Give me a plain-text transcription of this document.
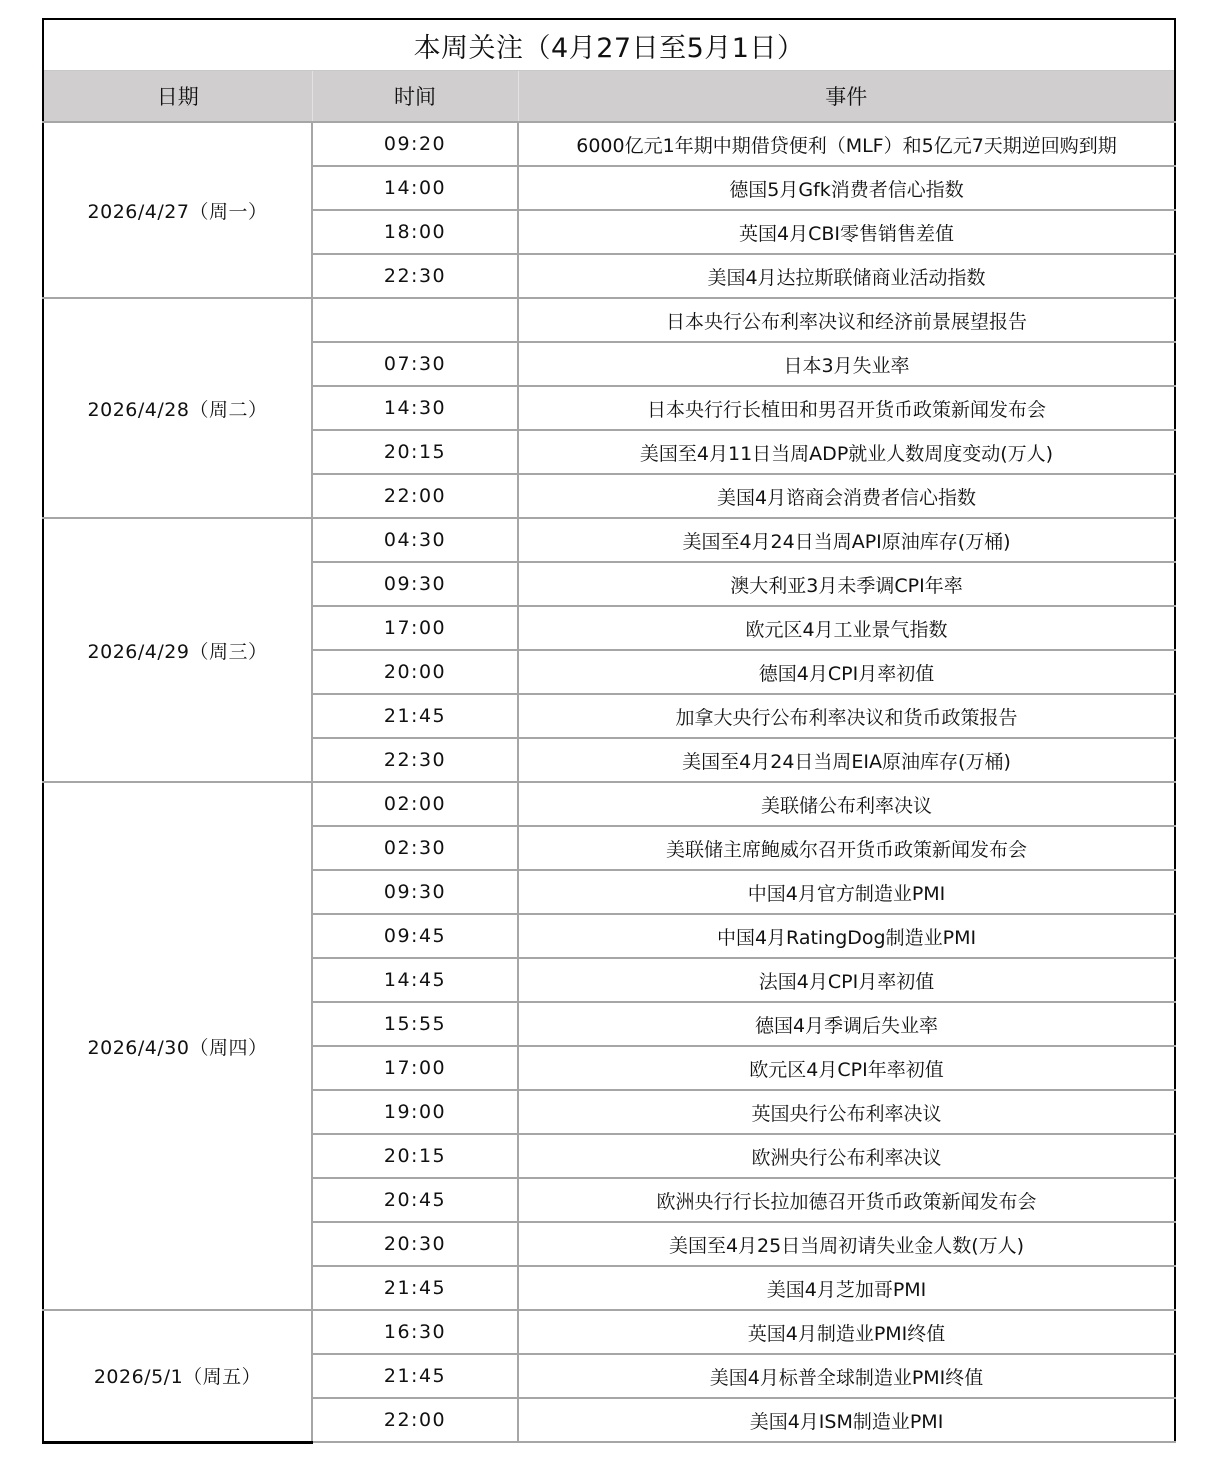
本周关注（4月27日至5月1日）		
日期	时间	事件
2026/4/27（周一）	09:20	6000亿元1年期中期借贷便利（MLF）和5亿元7天期逆回购到期
	14:00	德国5月Gfk消费者信心指数
	18:00	英国4月CBI零售销售差值
	22:30	美国4月达拉斯联储商业活动指数
2026/4/28（周二）		日本央行公布利率决议和经济前景展望报告
	07:30	日本3月失业率
	14:30	日本央行行长植田和男召开货币政策新闻发布会
	20:15	美国至4月11日当周ADP就业人数周度变动(万人)
	22:00	美国4月谘商会消费者信心指数
2026/4/29（周三）	04:30	美国至4月24日当周API原油库存(万桶)
	09:30	澳大利亚3月未季调CPI年率
	17:00	欧元区4月工业景气指数
	20:00	德国4月CPI月率初值
	21:45	加拿大央行公布利率决议和货币政策报告
	22:30	美国至4月24日当周EIA原油库存(万桶)
2026/4/30（周四）	02:00	美联储公布利率决议
	02:30	美联储主席鲍威尔召开货币政策新闻发布会
	09:30	中国4月官方制造业PMI
	09:45	中国4月RatingDog制造业PMI
	14:45	法国4月CPI月率初值
	15:55	德国4月季调后失业率
	17:00	欧元区4月CPI年率初值
	19:00	英国央行公布利率决议
	20:15	欧洲央行公布利率决议
	20:45	欧洲央行行长拉加德召开货币政策新闻发布会
	20:30	美国至4月25日当周初请失业金人数(万人)
	21:45	美国4月芝加哥PMI
2026/5/1（周五）	16:30	英国4月制造业PMI终值
	21:45	美国4月标普全球制造业PMI终值
	22:00	美国4月ISM制造业PMI
